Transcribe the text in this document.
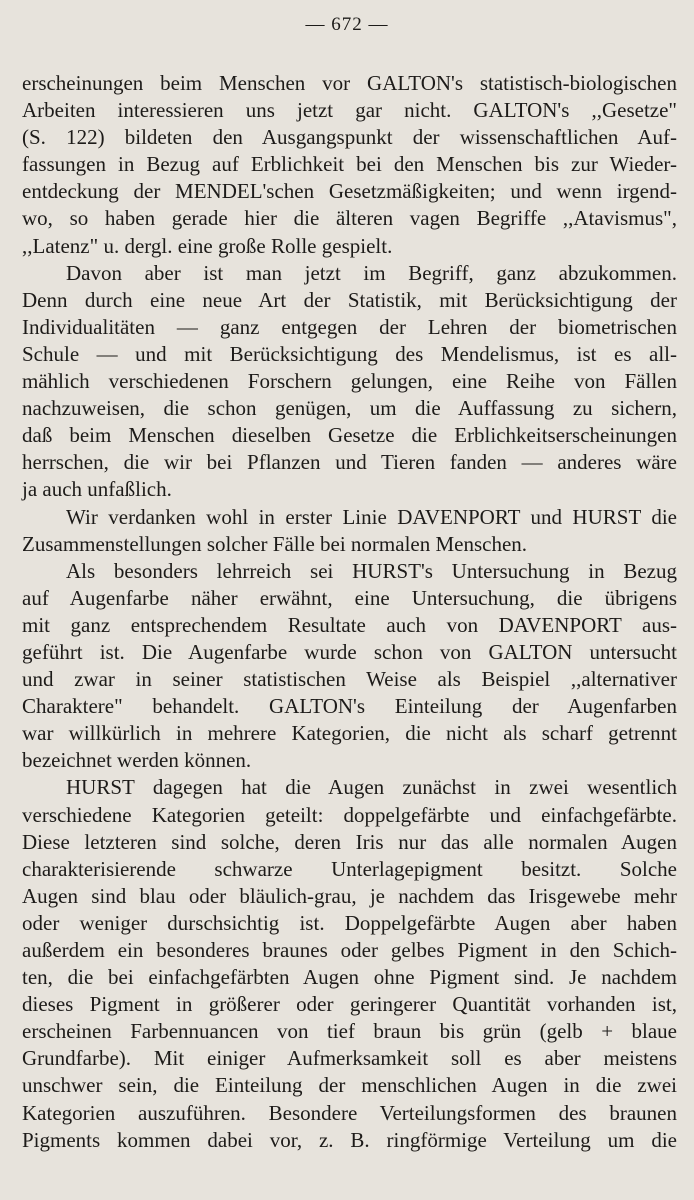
— 672 —
erscheinungen beim Menschen vor GALTON's statistisch-biologischen
Arbeiten interessieren uns jetzt gar nicht. GALTON's ,,Gesetze"
(S. 122) bildeten den Ausgangspunkt der wissenschaftlichen Auf-
fassungen in Bezug auf Erblichkeit bei den Menschen bis zur Wieder-
entdeckung der MENDEL'schen Gesetzmäßigkeiten; und wenn irgend-
wo, so haben gerade hier die älteren vagen Begriffe ,,Atavismus",
,,Latenz" u. dergl. eine große Rolle gespielt.
Davon aber ist man jetzt im Begriff, ganz abzukommen.
Denn durch eine neue Art der Statistik, mit Berücksichtigung der
Individualitäten — ganz entgegen der Lehren der biometrischen
Schule — und mit Berücksichtigung des Mendelismus, ist es all-
mählich verschiedenen Forschern gelungen, eine Reihe von Fällen
nachzuweisen, die schon genügen, um die Auffassung zu sichern,
daß beim Menschen dieselben Gesetze die Erblichkeitserscheinungen
herrschen, die wir bei Pflanzen und Tieren fanden — anderes wäre
ja auch unfaßlich.
Wir verdanken wohl in erster Linie DAVENPORT und HURST die
Zusammenstellungen solcher Fälle bei normalen Menschen.
Als besonders lehrreich sei HURST's Untersuchung in Bezug
auf Augenfarbe näher erwähnt, eine Untersuchung, die übrigens
mit ganz entsprechendem Resultate auch von DAVENPORT aus-
geführt ist. Die Augenfarbe wurde schon von GALTON untersucht
und zwar in seiner statistischen Weise als Beispiel ,,alternativer
Charaktere" behandelt. GALTON's Einteilung der Augenfarben
war willkürlich in mehrere Kategorien, die nicht als scharf getrennt
bezeichnet werden können.
HURST dagegen hat die Augen zunächst in zwei wesentlich
verschiedene Kategorien geteilt: doppelgefärbte und einfachgefärbte.
Diese letzteren sind solche, deren Iris nur das alle normalen Augen
charakterisierende schwarze Unterlagepigment besitzt. Solche
Augen sind blau oder bläulich-grau, je nachdem das Irisgewebe mehr
oder weniger durschsichtig ist. Doppelgefärbte Augen aber haben
außerdem ein besonderes braunes oder gelbes Pigment in den Schich-
ten, die bei einfachgefärbten Augen ohne Pigment sind. Je nachdem
dieses Pigment in größerer oder geringerer Quantität vorhanden ist,
erscheinen Farbennuancen von tief braun bis grün (gelb + blaue
Grundfarbe). Mit einiger Aufmerksamkeit soll es aber meistens
unschwer sein, die Einteilung der menschlichen Augen in die zwei
Kategorien auszuführen. Besondere Verteilungsformen des braunen
Pigments kommen dabei vor, z. B. ringförmige Verteilung um die
